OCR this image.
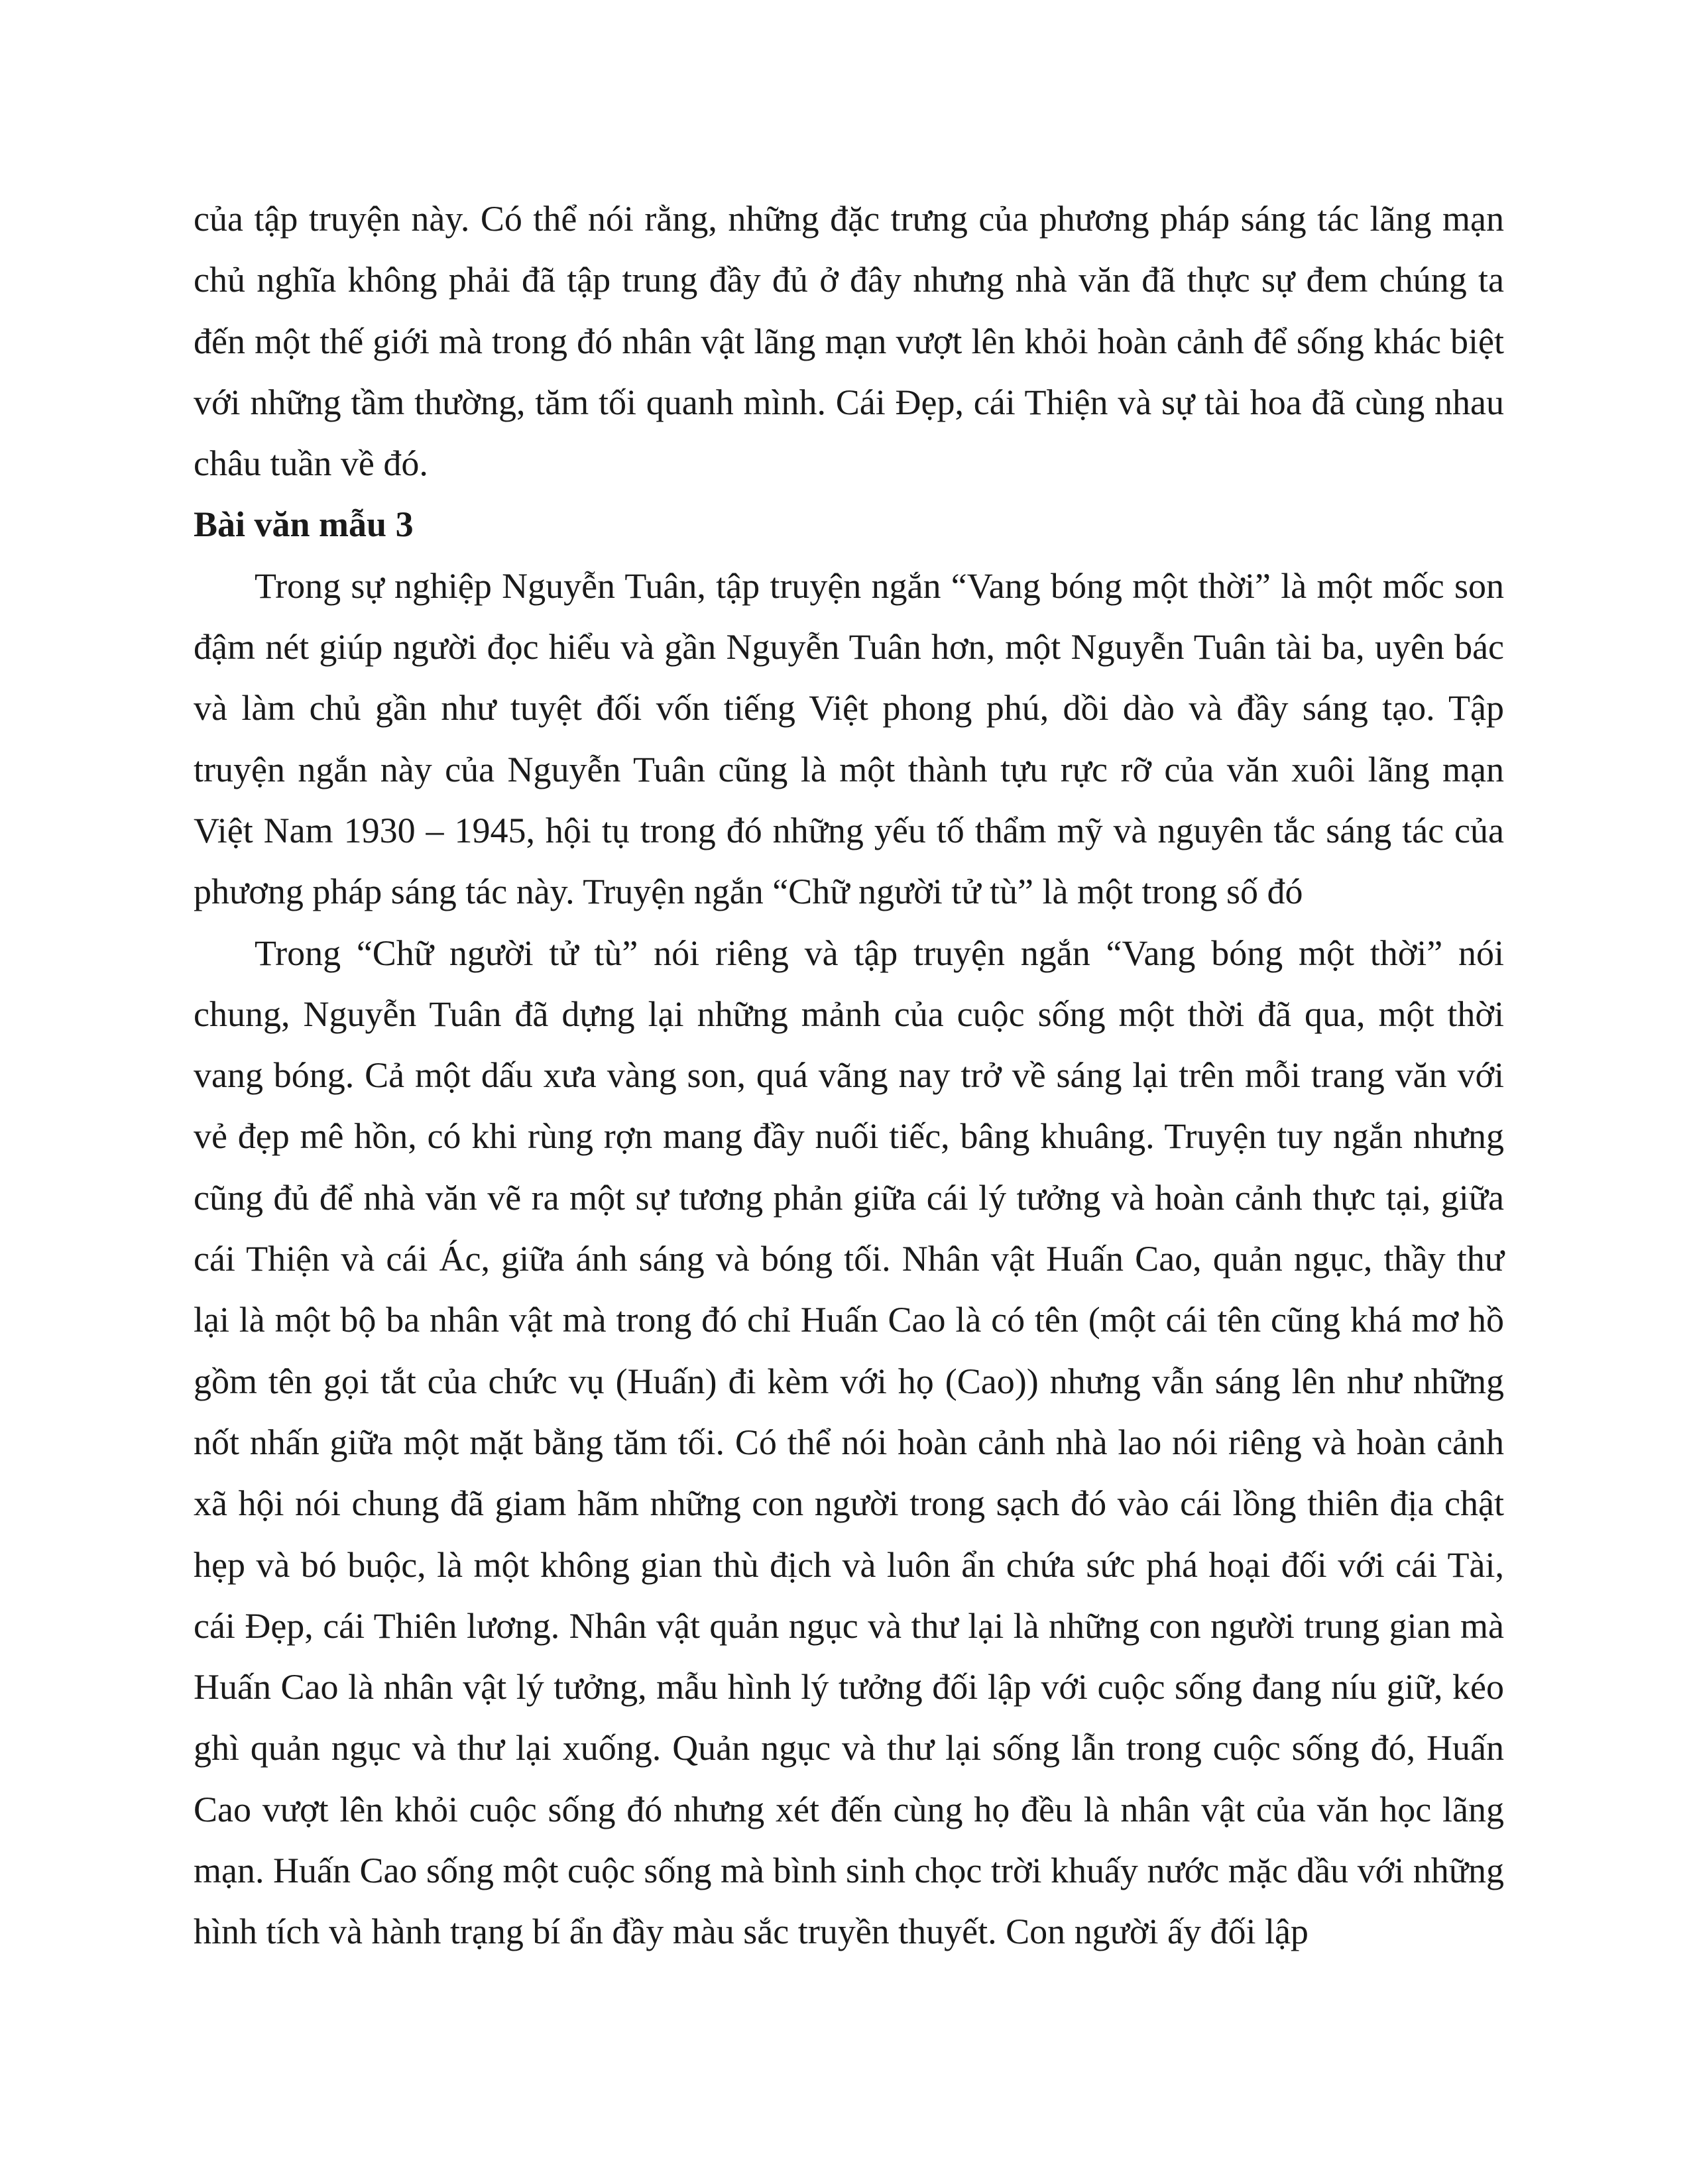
của tập truyện này. Có thể nói rằng, những đặc trưng của phương pháp sáng tác lãng mạn chủ nghĩa không phải đã tập trung đầy đủ ở đây nhưng nhà văn đã thực sự đem chúng ta đến một thế giới mà trong đó nhân vật lãng mạn vượt lên khỏi hoàn cảnh để sống khác biệt với những tầm thường, tăm tối quanh mình. Cái Đẹp, cái Thiện và sự tài hoa đã cùng nhau châu tuần về đó.

Bài văn mẫu 3

Trong sự nghiệp Nguyễn Tuân, tập truyện ngắn “Vang bóng một thời” là một mốc son đậm nét giúp người đọc hiểu và gần Nguyễn Tuân hơn, một Nguyễn Tuân tài ba, uyên bác và làm chủ gần như tuyệt đối vốn tiếng Việt phong phú, dồi dào và đầy sáng tạo. Tập truyện ngắn này của Nguyễn Tuân cũng là một thành tựu rực rỡ của văn xuôi lãng mạn Việt Nam 1930 – 1945, hội tụ trong đó những yếu tố thẩm mỹ và nguyên tắc sáng tác của phương pháp sáng tác này. Truyện ngắn “Chữ người tử tù” là một trong số đó

Trong “Chữ người tử tù” nói riêng và tập truyện ngắn “Vang bóng một thời” nói chung, Nguyễn Tuân đã dựng lại những mảnh của cuộc sống một thời đã qua, một thời vang bóng. Cả một dấu xưa vàng son, quá vãng nay trở về sáng lại trên mỗi trang văn với vẻ đẹp mê hồn, có khi rùng rợn mang đầy nuối tiếc, bâng khuâng. Truyện tuy ngắn nhưng cũng đủ để nhà văn vẽ ra một sự tương phản giữa cái lý tưởng và hoàn cảnh thực tại, giữa cái Thiện và cái Ác, giữa ánh sáng và bóng tối. Nhân vật Huấn Cao, quản ngục, thầy thư lại là một bộ ba nhân vật mà trong đó chỉ Huấn Cao là có tên (một cái tên cũng khá mơ hồ gồm tên gọi tắt của chức vụ (Huấn) đi kèm với họ (Cao)) nhưng vẫn sáng lên như những nốt nhấn giữa một mặt bằng tăm tối. Có thể nói hoàn cảnh nhà lao nói riêng và hoàn cảnh xã hội nói chung đã giam hãm những con người trong sạch đó vào cái lồng thiên địa chật hẹp và bó buộc, là một không gian thù địch và luôn ẩn chứa sức phá hoại đối với cái Tài, cái Đẹp, cái Thiên lương. Nhân vật quản ngục và thư lại là những con người trung gian mà Huấn Cao là nhân vật lý tưởng, mẫu hình lý tưởng đối lập với cuộc sống đang níu giữ, kéo ghì quản ngục và thư lại xuống. Quản ngục và thư lại sống lẫn trong cuộc sống đó, Huấn Cao vượt lên khỏi cuộc sống đó nhưng xét đến cùng họ đều là nhân vật của văn học lãng mạn. Huấn Cao sống một cuộc sống mà bình sinh chọc trời khuấy nước mặc dầu với những hình tích và hành trạng bí ẩn đầy màu sắc truyền thuyết. Con người ấy đối lập
